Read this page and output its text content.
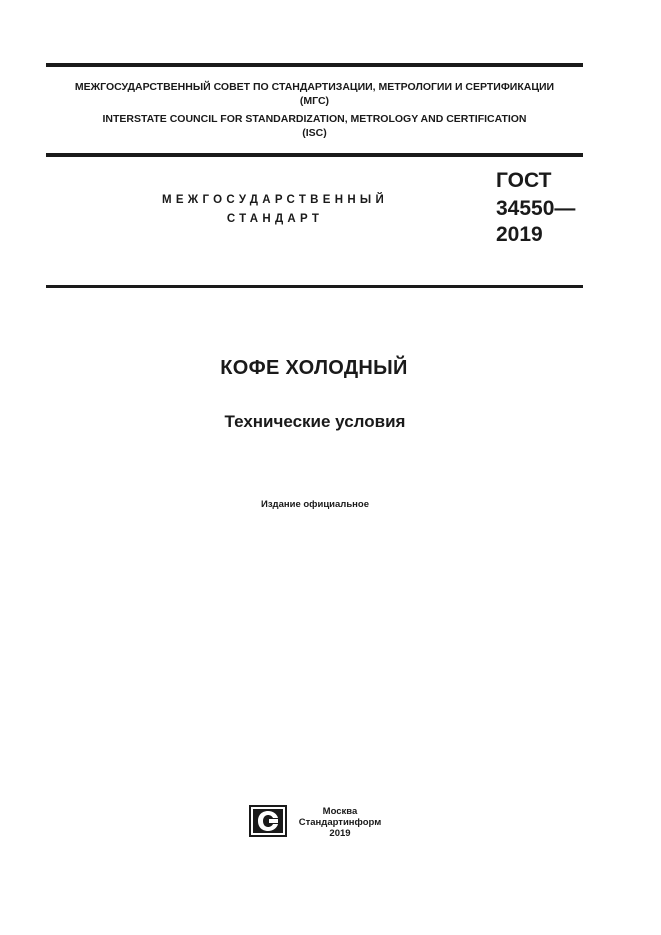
МЕЖГОСУДАРСТВЕННЫЙ СОВЕТ ПО СТАНДАРТИЗАЦИИ, МЕТРОЛОГИИ И СЕРТИФИКАЦИИ
(МГС)
INTERSTATE COUNCIL FOR STANDARDIZATION, METROLOGY AND CERTIFICATION
(ISC)
МЕЖГОСУДАРСТВЕННЫЙ
СТАНДАРТ
ГОСТ
34550—
2019
КОФЕ ХОЛОДНЫЙ
Технические условия
Издание официальное
Москва
Стандартинформ
2019
